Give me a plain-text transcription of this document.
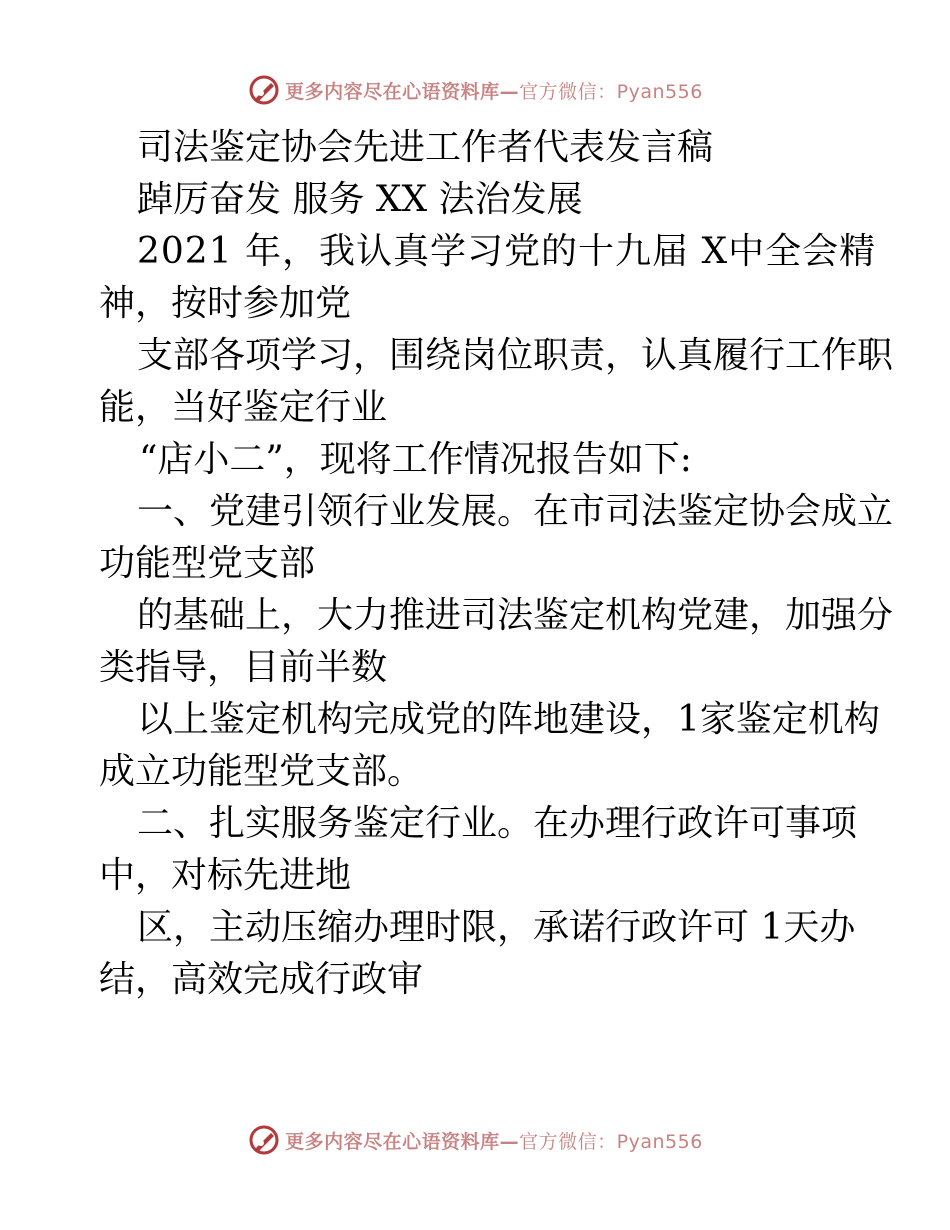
更多内容尽在心语资料库—官方微信：Pyan556
司法鉴定协会先进工作者代表发言稿
踔厉奋发 服务 XX 法治发展
2021 年，我认真学习党的十九届 X中全会精
神，按时参加党
支部各项学习，围绕岗位职责，认真履行工作职
能，当好鉴定行业
“店小二”，现将工作情况报告如下:
一、党建引领行业发展。在市司法鉴定协会成立
功能型党支部
的基础上，大力推进司法鉴定机构党建，加强分
类指导，目前半数
以上鉴定机构完成党的阵地建设，1家鉴定机构
成立功能型党支部。
二、扎实服务鉴定行业。在办理行政许可事项
中，对标先进地
区，主动压缩办理时限，承诺行政许可 1天办
结，高效完成行政审
更多内容尽在心语资料库—官方微信：Pyan556
